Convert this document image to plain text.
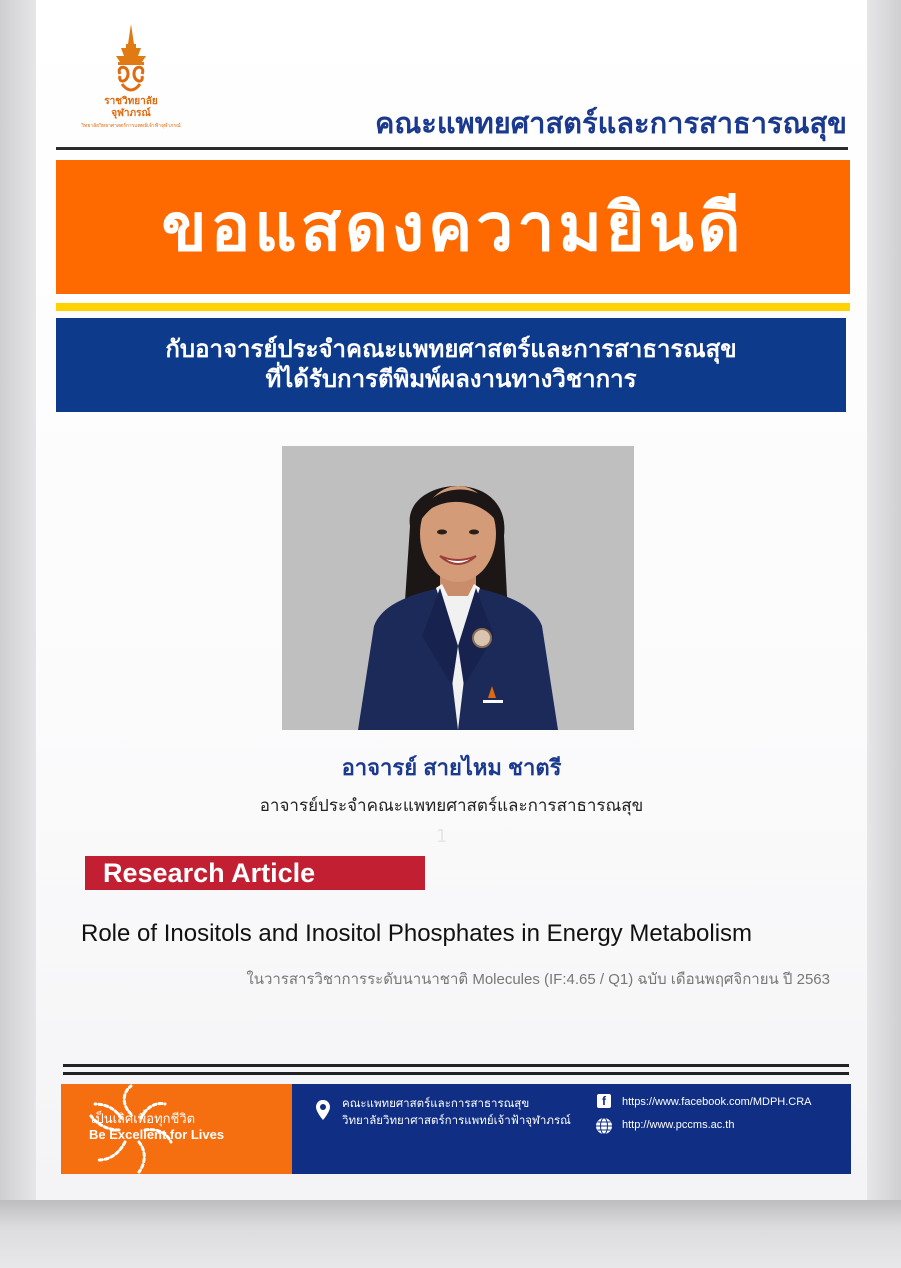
ราชวิทยาลัย
จุฬาภรณ์
วิทยาลัยวิทยาศาสตร์การแพทย์เจ้าฟ้าจุฬาภรณ์	คณะแพทยศาสตร์และการสาธารณสุข
ขอแสดงความยินดี
กับอาจารย์ประจำคณะแพทยศาสตร์และการสาธารณสุข
ที่ได้รับการตีพิมพ์ผลงานทางวิชาการ
อาจารย์ สายไหม ชาตรี
อาจารย์ประจำคณะแพทยศาสตร์และการสาธารณสุข
1
Research Article
Role of Inositols and Inositol Phosphates in Energy Metabolism
ในวารสารวิชาการระดับนานาชาติ Molecules (IF:4.65 / Q1) ฉบับ เดือนพฤศจิกายน ปี 2563
เป็นเลิศเพื่อทุกชีวิต
Be Excellent for Lives
คณะแพทยศาสตร์และการสาธารณสุข
วิทยาลัยวิทยาศาสตร์การแพทย์เจ้าฟ้าจุฬาภรณ์
f	https://www.facebook.com/MDPH.CRA
http://www.pccms.ac.th
